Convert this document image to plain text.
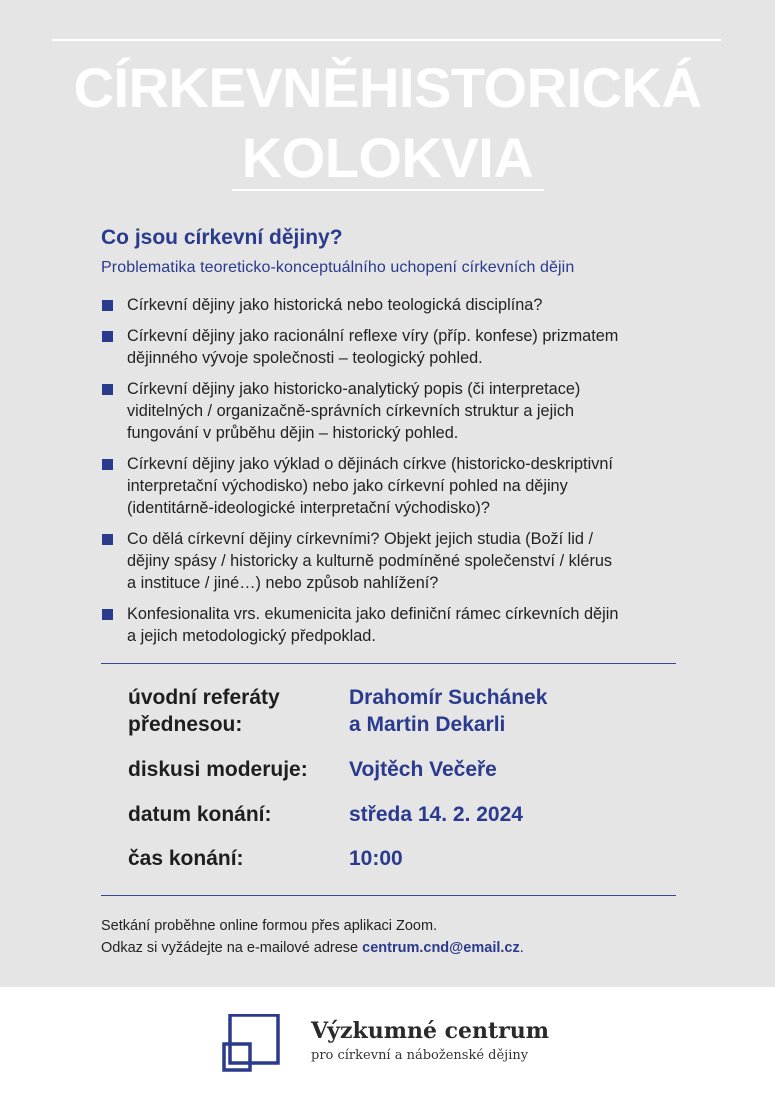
CÍRKEVNĚHISTORICKÁ
KOLOKVIA
Co jsou církevní dějiny?
Problematika teoreticko-konceptuálního uchopení církevních dějin
Církevní dějiny jako historická nebo teologická disciplína?
Církevní dějiny jako racionální reflexe víry (příp. konfese) prizmatem
dějinného vývoje společnosti – teologický pohled.
Církevní dějiny jako historicko-analytický popis (či interpretace)
viditelných / organizačně-správních církevních struktur a jejich
fungování v průběhu dějin – historický pohled.
Církevní dějiny jako výklad o dějinách církve (historicko-deskriptivní
interpretační východisko) nebo jako církevní pohled na dějiny
(identitárně-ideologické interpretační východisko)?
Co dělá církevní dějiny církevními? Objekt jejich studia (Boží lid /
dějiny spásy / historicky a kulturně podmíněné společenství / klérus
a instituce / jiné…) nebo způsob nahlížení?
Konfesionalita vrs. ekumenicita jako definiční rámec církevních dějin
a jejich metodologický předpoklad.
úvodní referáty
přednesou:
Drahomír Suchánek
a Martin Dekarli
diskusi moderuje: Vojtěch Večeře
datum konání:	středa 14. 2. 2024
čas konání:	10:00
Setkání proběhne online formou přes aplikaci Zoom.
Odkaz si vyžádejte na e-mailové adrese centrum.cnd@email.cz.
Výzkumné centrum
pro církevní a náboženské dějiny
